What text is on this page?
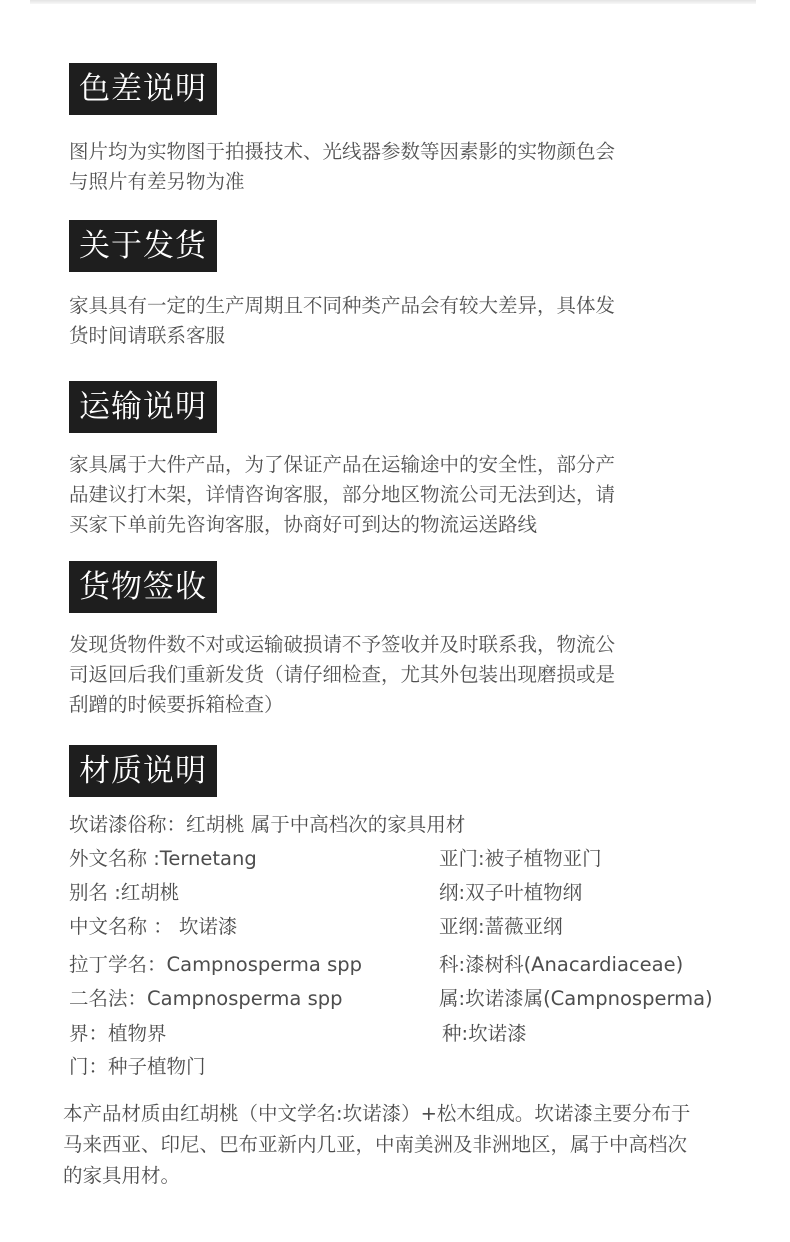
色差说明

图片均为实物图于拍摄技术、光线器参数等因素影的实物颜色会

与照片有差另物为准

关于发货

家具具有一定的生产周期且不同种类产品会有较大差异，具体发

货时间请联系客服

运输说明

家具属于大件产品，为了保证产品在运输途中的安全性，部分产

品建议打木架，详情咨询客服，部分地区物流公司无法到达，请

买家下单前先咨询客服，协商好可到达的物流运送路线

货物签收

发现货物件数不对或运输破损请不予签收并及时联系我，物流公

司返回后我们重新发货（请仔细检查，尤其外包装出现磨损或是

刮蹭的时候要拆箱检查）

材质说明
坎诺漆俗称：红胡桃 属于中高档次的家具用材
外文名称 :Ternetang
别名 :红胡桃
中文名称 ： 坎诺漆
拉丁学名：Campnosperma spp
二名法：Campnosperma spp
界：植物界
门：种子植物门
亚门:被子植物亚门
纲:双子叶植物纲
亚纲:蔷薇亚纲
科:漆树科(Anacardiaceae)
属:坎诺漆属(Campnosperma)
种:坎诺漆

本产品材质由红胡桃（中文学名:坎诺漆）+松木组成。坎诺漆主要分布于

马来西亚、印尼、巴布亚新内几亚，中南美洲及非洲地区，属于中高档次

的家具用材。
